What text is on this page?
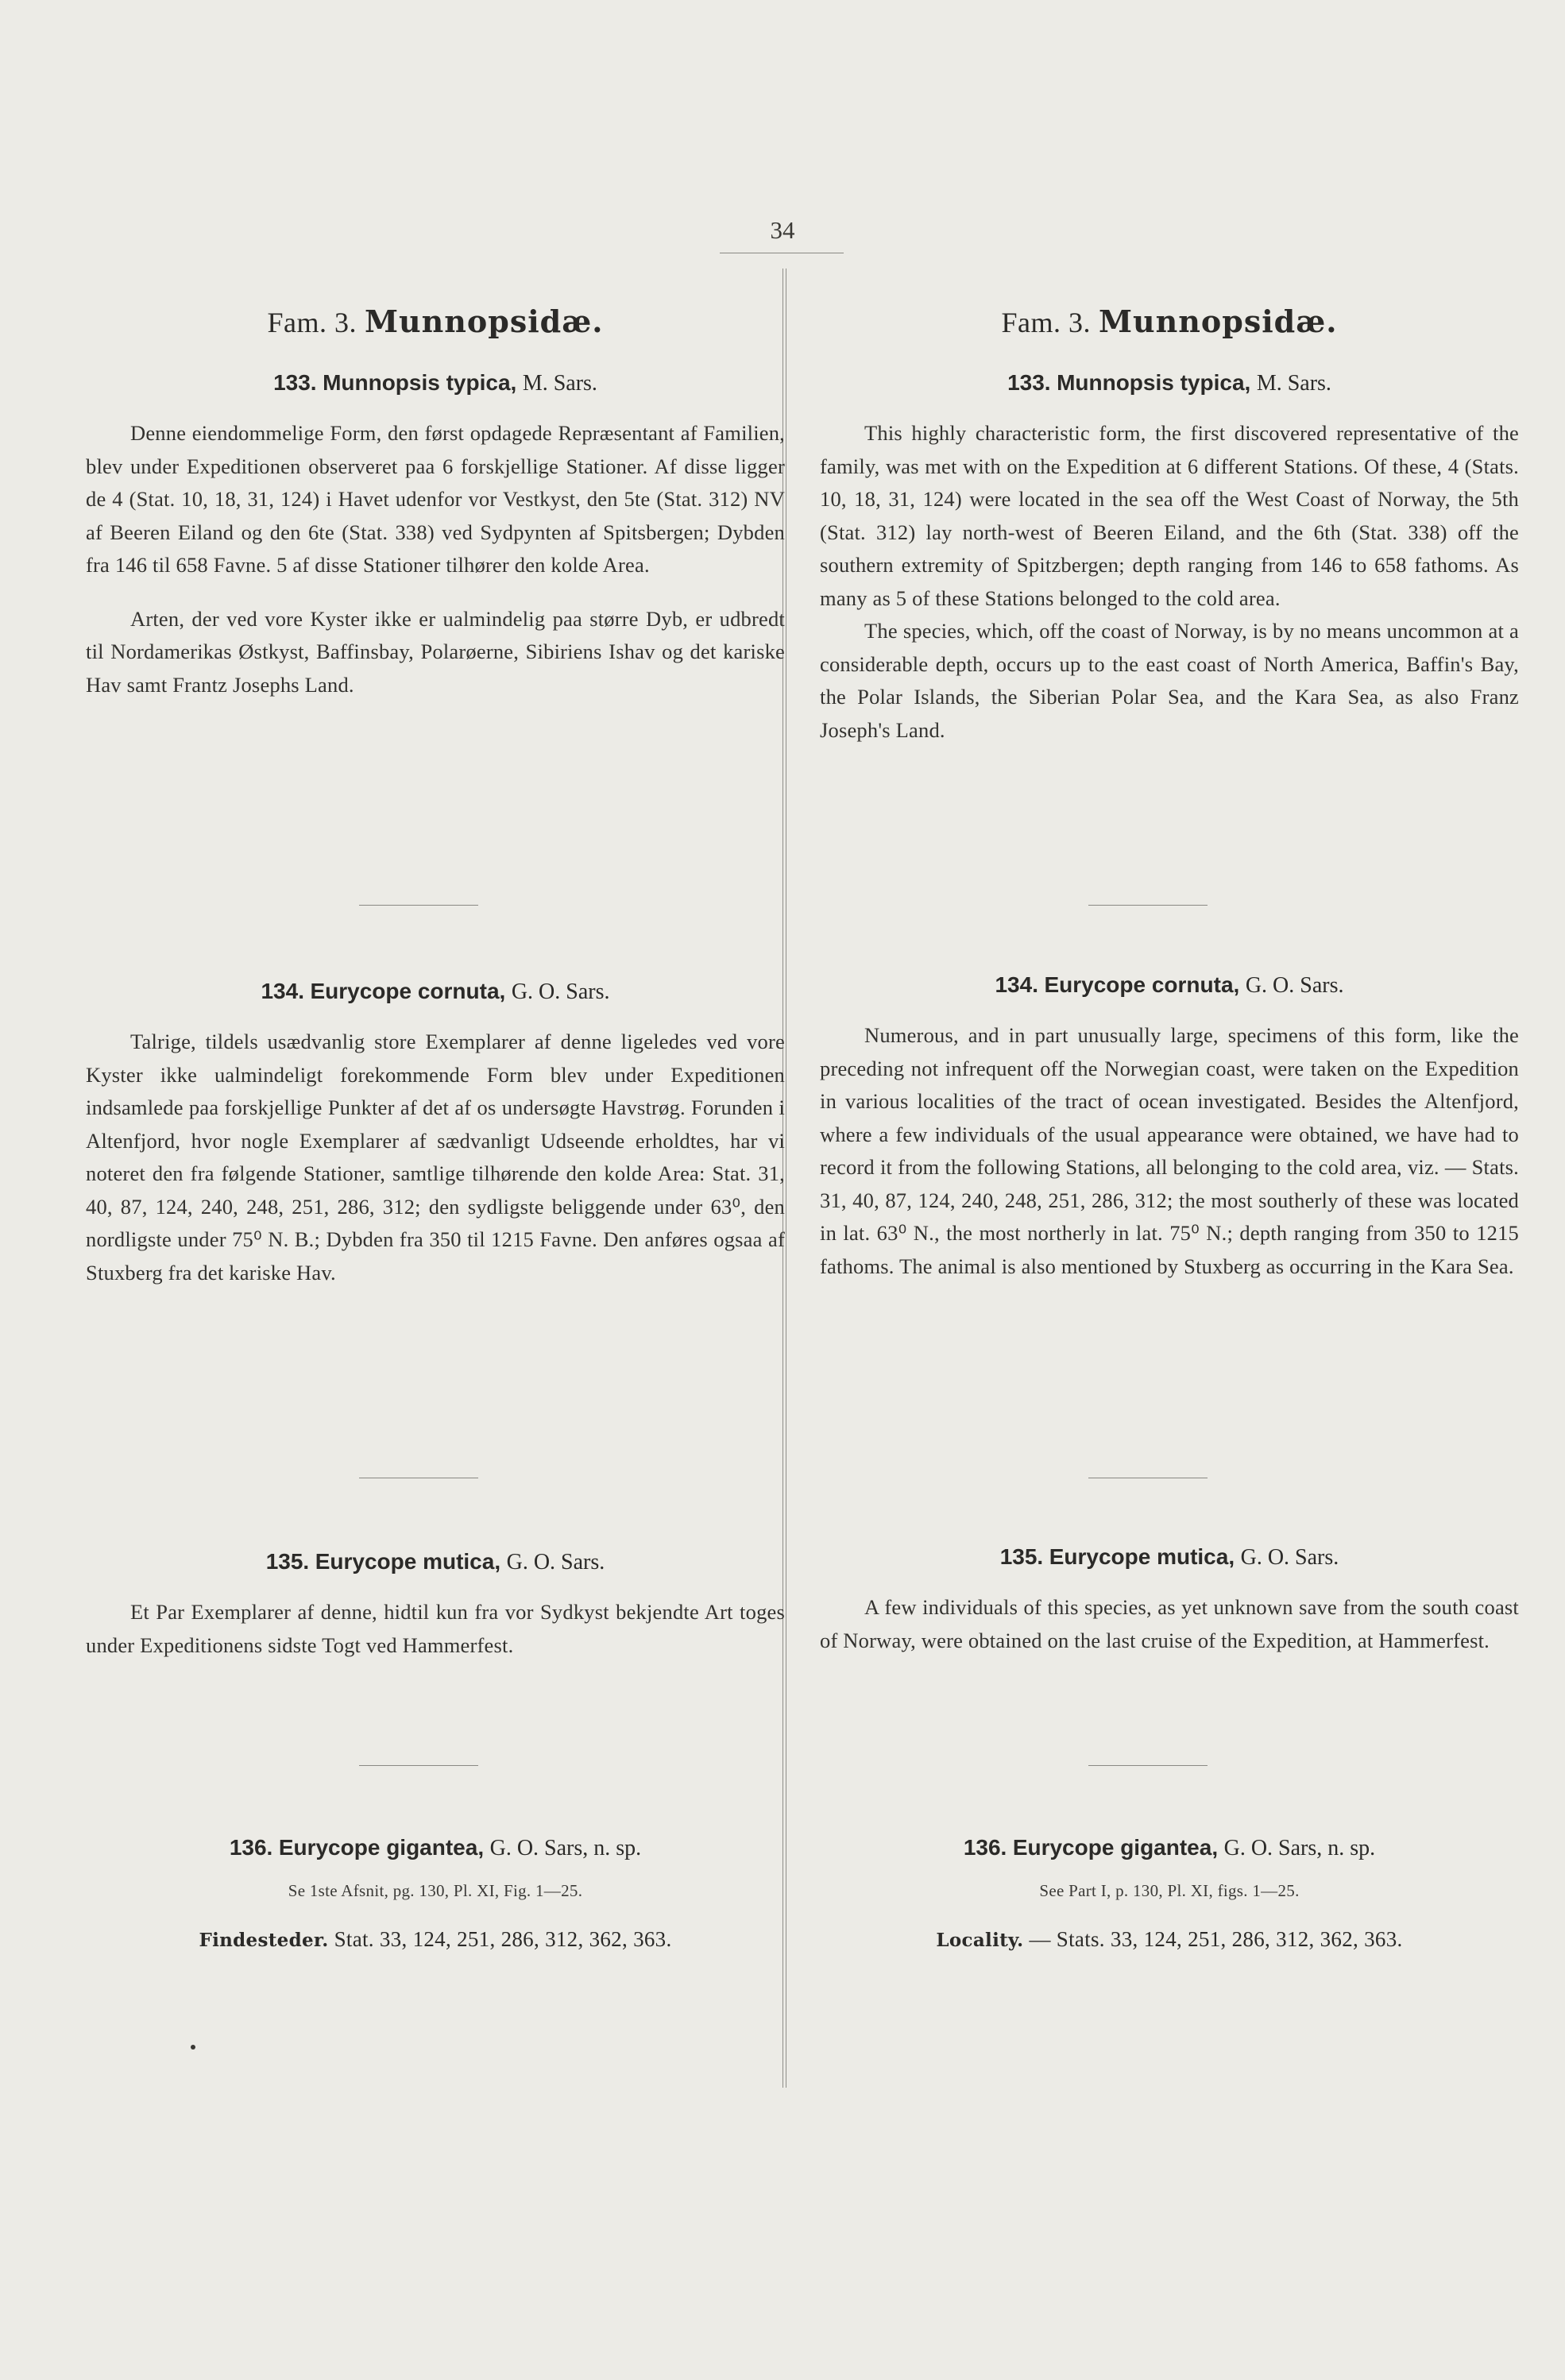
34
Fam. 3. Munnopsidæ.

133. Munnopsis typica, M. Sars.

Denne eiendommelige Form, den først opdagede Repræsentant af Familien, blev under Expeditionen observeret paa 6 forskjellige Stationer. Af disse ligger de 4 (Stat. 10, 18, 31, 124) i Havet udenfor vor Vestkyst, den 5te (Stat. 312) NV af Beeren Eiland og den 6te (Stat. 338) ved Sydpynten af Spitsbergen; Dybden fra 146 til 658 Favne. 5 af disse Stationer tilhører den kolde Area.

Arten, der ved vore Kyster ikke er ualmindelig paa større Dyb, er udbredt til Nordamerikas Østkyst, Baffinsbay, Polarøerne, Sibiriens Ishav og det kariske Hav samt Frantz Josephs Land.

134. Eurycope cornuta, G. O. Sars.

Talrige, tildels usædvanlig store Exemplarer af denne ligeledes ved vore Kyster ikke ualmindeligt forekommende Form blev under Expeditionen indsamlede paa forskjellige Punkter af det af os undersøgte Havstrøg. Forunden i Altenfjord, hvor nogle Exemplarer af sædvanligt Udseende erholdtes, har vi noteret den fra følgende Stationer, samtlige tilhørende den kolde Area: Stat. 31, 40, 87, 124, 240, 248, 251, 286, 312; den sydligste beliggende under 63⁰, den nordligste under 75⁰ N. B.; Dybden fra 350 til 1215 Favne. Den anføres ogsaa af Stuxberg fra det kariske Hav.

135. Eurycope mutica, G. O. Sars.

Et Par Exemplarer af denne, hidtil kun fra vor Sydkyst bekjendte Art toges under Expeditionens sidste Togt ved Hammerfest.

136. Eurycope gigantea, G. O. Sars, n. sp.

Se 1ste Afsnit, pg. 130, Pl. XI, Fig. 1—25.

Findesteder. Stat. 33, 124, 251, 286, 312, 362, 363.

Fam. 3. Munnopsidæ.

133. Munnopsis typica, M. Sars.

This highly characteristic form, the first discovered representative of the family, was met with on the Expedition at 6 different Stations. Of these, 4 (Stats. 10, 18, 31, 124) were located in the sea off the West Coast of Norway, the 5th (Stat. 312) lay north-west of Beeren Eiland, and the 6th (Stat. 338) off the southern extremity of Spitzbergen; depth ranging from 146 to 658 fathoms. As many as 5 of these Stations belonged to the cold area.

The species, which, off the coast of Norway, is by no means uncommon at a considerable depth, occurs up to the east coast of North America, Baffin's Bay, the Polar Islands, the Siberian Polar Sea, and the Kara Sea, as also Franz Joseph's Land.

134. Eurycope cornuta, G. O. Sars.

Numerous, and in part unusually large, specimens of this form, like the preceding not infrequent off the Norwegian coast, were taken on the Expedition in various localities of the tract of ocean investigated. Besides the Altenfjord, where a few individuals of the usual appearance were obtained, we have had to record it from the following Stations, all belonging to the cold area, viz. — Stats. 31, 40, 87, 124, 240, 248, 251, 286, 312; the most southerly of these was located in lat. 63⁰ N., the most northerly in lat. 75⁰ N.; depth ranging from 350 to 1215 fathoms. The animal is also mentioned by Stuxberg as occurring in the Kara Sea.

135. Eurycope mutica, G. O. Sars.

A few individuals of this species, as yet unknown save from the south coast of Norway, were obtained on the last cruise of the Expedition, at Hammerfest.

136. Eurycope gigantea, G. O. Sars, n. sp.

See Part I, p. 130, Pl. XI, figs. 1—25.

Locality. — Stats. 33, 124, 251, 286, 312, 362, 363.
